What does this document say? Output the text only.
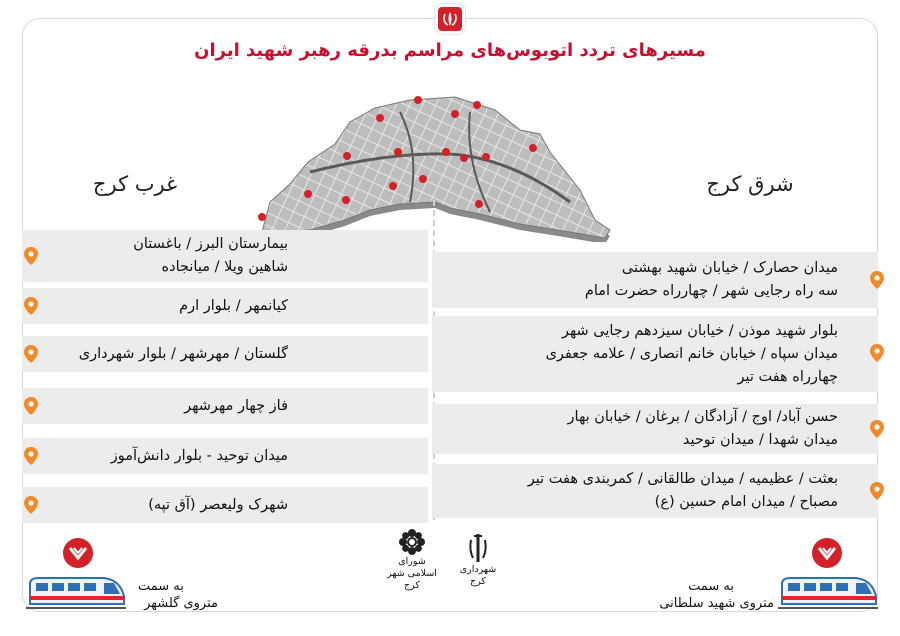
مسیرهای تردد اتوبوس‌های مراسم بدرقه رهبر شهید ایران
غرب کرج	شرق کرج
بیمارستان البرز / باغستان
شاهین ویلا / میانجاده
کیانمهر / بلوار ارم
گلستان / مهرشهر / بلوار شهرداری
فاز چهار مهرشهر
میدان توحید - بلوار دانش‌آموز
شهرک ولیعصر (آق تپه)
میدان حصارک / خیابان شهید بهشتی
سه راه رجایی شهر / چهارراه حضرت امام
بلوار شهید موذن / خیابان سیزدهم رجایی شهر
میدان سپاه / خیابان خانم انصاری / علامه جعفری
چهارراه هفت تیر
حسن آباد/ اوج / آزادگان / برغان / خیابان بهار
میدان شهدا / میدان توحید
بعثت / عظیمیه / میدان طالقانی / کمربندی هفت تیر
مصباح / میدان امام حسین (ع)
شورای اسلامی شهر کرج
شهرداری کرج
به سمت
متروی گلشهر
به سمت
متروی شهید سلطانی
